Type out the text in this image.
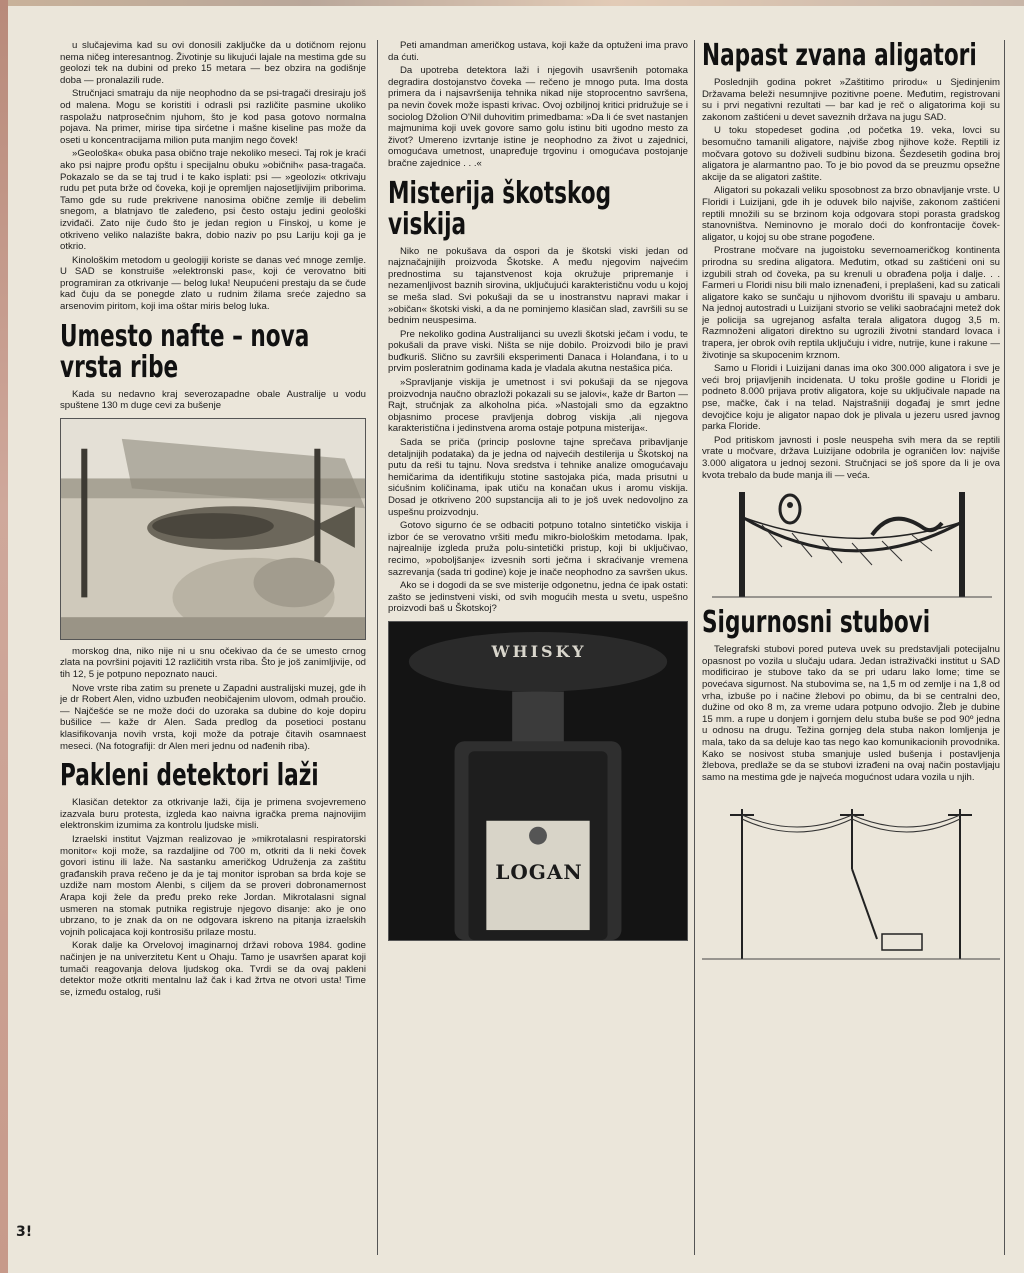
u slučajevima kad su ovi donosili zaključke da u dotičnom rejonu nema ničeg interesantnog. Životinje su likujući lajale na mestima gde su geolozi tek na dubini od preko 15 metara — bez obzira na godišnje doba — pronalazili rude.

Stručnjaci smatraju da nije neophodno da se psi-tragači dresiraju još od malena. Mogu se koristiti i odrasli psi različite pasmine ukoliko raspolažu natprosečnim njuhom, što je kod pasa gotovo normalna pojava. Na primer, mirise tipa sirćetne i mašne kiseline pas može da oseti u koncentracijama milion puta manjim nego čovek!

»Geološka« obuka pasa obično traje nekoliko meseci. Taj rok je kraći ako psi najpre prođu opštu i specijalnu obuku »običnih« pasa-tragača. Pokazalo se da se taj trud i te kako isplati: psi — »geolozi« otkrivaju rudu pet puta brže od čoveka, koji je opremljen najosetljivijim priborima. Tamo gde su rude prekrivene nanosima obične zemlje ili debelim snegom, a blatnjavo tle zaleđeno, psi često ostaju jedini geološki izviđači. Zato nije čudo što je jedan region u Finskoj, u kome je otkriveno veliko nalazište bakra, dobio naziv po psu Lariju koji ga je otkrio.

Kinološkim metodom u geologiji koriste se danas već mnoge zemlje. U SAD se konstruiše »elektronski pas«, koji će verovatno biti programiran za otkrivanje — belog luka! Neupućeni prestaju da se čude kad čuju da se ponegde zlato u rudnim žilama sreće zajedno sa arsenovim piritom, koji ima oštar miris belog luka.

Umesto nafte – nova vrsta ribe

Kada su nedavno kraj severozapadne obale Australije u vodu spuštene 130 m duge cevi za bušenje

morskog dna, niko nije ni u snu očekivao da će se umesto crnog zlata na površini pojaviti 12 različitih vrsta riba. Što je još zanimljivije, od tih 12, 5 je potpuno nepoznato nauci.

Nove vrste riba zatim su prenete u Zapadni australijski muzej, gde ih je dr Robert Alen, vidno uzbuđen neobičajenim ulovom, odmah proučio. — Najčešće se ne može doći do uzoraka sa dubine do koje dopiru bušilice — kaže dr Alen. Sada predlog da posetioci postanu klasifikovanja novih vrsta, koji može da potraje čitavih osamnaest meseci. (Na fotografiji: dr Alen meri jednu od nađenih riba).

Pakleni detektori laži

Klasičan detektor za otkrivanje laži, čija je primena svojevremeno izazvala buru protesta, izgleda kao naivna igračka prema najnovijim elektronskim izumima za kontrolu ljudske misli.

Izraelski institut Vajzman realizovao je »mikrotalasni respiratorski monitor« koji može, sa razdaljine od 700 m, otkriti da li neki čovek govori istinu ili laže. Na sastanku američkog Udruženja za zaštitu građanskih prava rečeno je da je taj monitor isproban sa brda koje se uzdiže nam mostom Alenbi, s ciljem da se proveri dobronamernost Arapa koji žele da pređu preko reke Jordan. Mikrotalasni signal usmeren na stomak putnika registruje njegovo disanje: ako je ono ubrzano, to je znak da on ne odgovara iskreno na pitanja izraelskih vojnih policajaca koji kontrosišu prilaze mostu.

Korak dalje ka Orvelovoj imaginarnoj državi robova 1984. godine načinjen je na univerzitetu Kent u Ohaju. Tamo je usavršen aparat koji tumači reagovanja delova ljudskog oka. Tvrdi se da ovaj pakleni detektor može otkriti mentalnu laž čak i kad žrtva ne otvori usta! Time se, između ostalog, ruši

Peti amandman američkog ustava, koji kaže da optuženi ima pravo da ćuti.

Da upotreba detektora laži i njegovih usavršenih potomaka degradira dostojanstvo čoveka — rečeno je mnogo puta. Ima dosta primera da i najsavršenija tehnika nikad nije stoprocentno savršena, pa nevin čovek može ispasti krivac. Ovoj ozbiljnoj kritici pridružuje se i sociolog Džolion O'Nil duhovitim primedbama: »Da li će svet nastanjen majmunima koji uvek govore samo golu istinu biti ugodno mesto za život? Umereno izvrtanje istine je neophodno za život u zajednici, omogućava umetnost, unapređuje trgovinu i omogućava postojanje bračne zajednice . . .«

Misterija škotskog viskija

Niko ne pokušava da ospori da je škotski viski jedan od najznačajnijih proizvoda Škotske. A među njegovim najvećim prednostima su tajanstvenost koja okružuje pripremanje i nezamenljivost baznih sirovina, uključujući karakterističnu vodu u kojoj se meša slad. Svi pokušaji da se u inostranstvu napravi makar i »običan« škotski viski, a da ne pominjemo klasičan slad, završili su se bednim neuspesima.

Pre nekoliko godina Australijanci su uvezli škotski ječam i vodu, te pokušali da prave viski. Ništa se nije dobilo. Proizvodi bilo je pravi buđkuriš. Slično su završili eksperimenti Danaca i Holanđana, i to u prvim posleratnim godinama kada je vladala akutna nestašica pića.

»Spravljanje viskija je umetnost i svi pokušaji da se njegova proizvodnja naučno obrazloži pokazali su se jalovi«, kaže dr Barton — Rajt, stručnjak za alkoholna pića. »Nastojali smo da egzaktno objasnimo procese pravljenja dobrog viskija ,ali njegova karakteristična i jedinstvena aroma ostaje potpuna misterija«.

Sada se priča (princip poslovne tajne sprečava pribavljanje detaljnijih podataka) da je jedna od najvećih destilerija u Škotskoj na putu da reši tu tajnu. Nova sredstva i tehnike analize omogućavaju hemičarima da identifikuju stotine sastojaka pića, mada prisutni u sićušnim količinama, ipak utiču na konačan ukus i aromu viskija. Dosad je otkriveno 200 supstancija ali to je još uvek nedovoljno za uspešnu proizvodnju.

Gotovo sigurno će se odbaciti potpuno totalno sintetičko viskija i izbor će se verovatno vršiti među mikro-biološkim metodama. Ipak, najrealnije izgleda pruža polu-sintetički pristup, koji bi uključivao, recimo, »poboljšanje« izvesnih sorti ječma i skraćivanje vremena sazrevanja (sada tri godine) koje je inače neophodno za savršen ukus.

Ako se i dogodi da se sve misterije odgonetnu, jedna će ipak ostati: zašto se jedinstveni viski, od svih mogućih mesta u svetu, uspešno proizvodi baš u Škotskoj?

WHISKY
LOGAN
Napast zvana aligatori

Poslednjih godina pokret »Zaštitimo prirodu« u Sjedinjenim Državama beleži nesumnjive pozitivne poene. Međutim, registrovani su i prvi negativni rezultati — bar kad je reč o aligatorima koji su zakonom zaštićeni u devet saveznih država na jugu SAD.

U toku stopedeset godina ,od početka 19. veka, lovci su besomučno tamanili aligatore, najviše zbog njihove kože. Reptili iz močvara gotovo su doživeli sudbinu bizona. Šezdesetih godina broj aligatora je alarmantno pao. To je bio povod da se preuzmu opsežne akcije da se aligatori zaštite.

Aligatori su pokazali veliku sposobnost za brzo obnavljanje vrste. U Floridi i Luizijani, gde ih je oduvek bilo najviše, zakonom zaštićeni reptili množili su se brzinom koja odgovara stopi porasta gradskog stanovništva. Neminovno je moralo doći do konfrontacije čovek-aligator, u kojoj su obe strane pogođene.

Prostrane močvare na jugoistoku severnoameričkog kontinenta prirodna su sredina aligatora. Međutim, otkad su zaštićeni oni su izgubili strah od čoveka, pa su krenuli u obrađena polja i dalje. . . Farmeri u Floridi nisu bili malo iznenađeni, i preplašeni, kad su zaticali aligatore kako se sunčaju u njihovom dvorištu ili spavaju u ambaru. Na jednoj autostradi u Luizijani stvorio se veliki saobraćajni metež dok je policija sa ugrejanog asfalta terala aligatora dugog 3,5 m. Razmnoženi aligatori direktno su ugrozili životni standard lovaca i trapera, jer obrok ovih reptila uključuju i vidre, nutrije, kune i rakune — životinje sa skupocenim krznom.

Samo u Floridi i Luizijani danas ima oko 300.000 aligatora i sve je veći broj prijavljenih incidenata. U toku prošle godine u Floridi je podneto 8.000 prijava protiv aligatora, koje su uključivale napade na pse, mačke, čak i na telad. Najstrašniji događaj je smrt jedne devojčice koju je aligator napao dok je plivala u jezeru usred javnog parka Floride.

Pod pritiskom javnosti i posle neuspeha svih mera da se reptili vrate u močvare, država Luizijane odobrila je ograničen lov: najviše 3.000 aligatora u jednoj sezoni. Stručnjaci se još spore da li je ova kvota trebalo da bude manja ili — veća.

Sigurnosni stubovi

Telegrafski stubovi pored puteva uvek su predstavljali potecijalnu opasnost po vozila u slučaju udara. Jedan istraživački institut u SAD modificirao je stubove tako da se pri udaru lako lome; time se povećava sigurnost. Na stubovima se, na 1,5 m od zemlje i na 1,8 od vrha, izbuše po i načine žlebovi po obimu, da bi se centralni deo, dužine od oko 8 m, za vreme udara potpuno odvojio. Žleb je dubine 15 mm. a rupe u donjem i gornjem delu stuba buše se pod 90º jedna u odnosu na drugu. Težina gornjeg dela stuba nakon lomljenja je mala, tako da sa deluje kao tas nego kao komunikacionih provodnika. Kako se nosivost stuba smanjuje usled bušenja i postavljenja žlebova, predlaže se da se stubovi izrađeni na ovaj način postavljaju samo na mestima gde je najveća mogućnost udara vozila u njih.

3!
